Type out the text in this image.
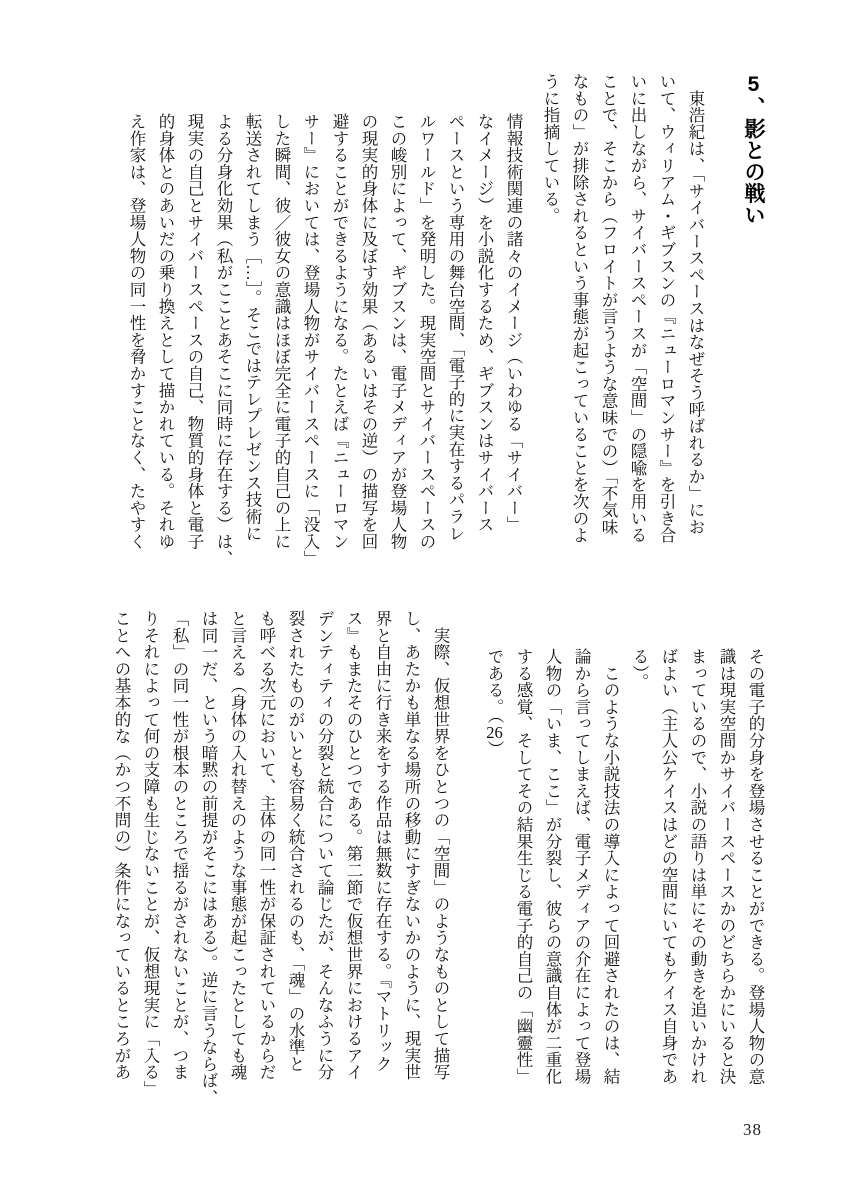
5、影との戦い
　東浩紀は、「サイバースペースはなぜそう呼ばれるか」にお
いて、ウィリアム・ギブスンの『ニューロマンサー』を引き合
いに出しながら、サイバースペースが「空間」の隠喩を用いる
ことで、そこから（フロイトが言うような意味での）「不気味
なもの」が排除されるという事態が起こっていることを次のよ
うに指摘している。
情報技術関連の諸々のイメージ（いわゆる「サイバー」
なイメージ）を小説化するため、ギブスンはサイバース
ペースという専用の舞台空間、「電子的に実在するパラレ
ルワールド」を発明した。現実空間とサイバースペースの
この峻別によって、ギブスンは、電子メディアが登場人物
の現実的身体に及ぼす効果（あるいはその逆）の描写を回
避することができるようになる。たとえば『ニューロマン
サー』においては、登場人物がサイバースペースに「没入」
した瞬間、彼／彼女の意識はほぼ完全に電子的自己の上に
転送されてしまう［…］。そこではテレプレゼンス技術に
よる分身化効果（私がこことあそこに同時に存在する）は、
現実の自己とサイバースペースの自己、物質的身体と電子
的身体とのあいだの乗り換えとして描かれている。それゆ
え作家は、登場人物の同一性を脅かすことなく、たやすく
その電子的分身を登場させることができる。登場人物の意
識は現実空間かサイバースペースかのどちらかにいると決
まっているので、小説の語りは単にその動きを追いかけれ
ばよい（主人公ケイスはどの空間にいてもケイス自身であ
る）。
　このような小説技法の導入によって回避されたのは、結
論から言ってしまえば、電子メディアの介在によって登場
人物の「いま、ここ」が分裂し、彼らの意識自体が二重化
する感覚、そしてその結果生じる電子的自己の「幽靈性」
である。（26）
　実際、仮想世界をひとつの「空間」のようなものとして描写
し、あたかも単なる場所の移動にすぎないかのように、現実世
界と自由に行き来をする作品は無数に存在する。『マトリック
ス』もまたそのひとつである。第二節で仮想世界におけるアイ
デンティティの分裂と統合について論じたが、そんなふうに分
裂されたものがいとも容易く統合されるのも、「魂」の水準と
も呼べる次元において、主体の同一性が保証されているからだ
と言える（身体の入れ替えのような事態が起こったとしても魂
は同一だ、という暗黙の前提がそこにはある）。逆に言うならば、
「私」の同一性が根本のところで揺るがされないことが、つま
りそれによって何の支障も生じないことが、仮想現実に「入る」
ことへの基本的な（かつ不問の）条件になっているところがあ
38
